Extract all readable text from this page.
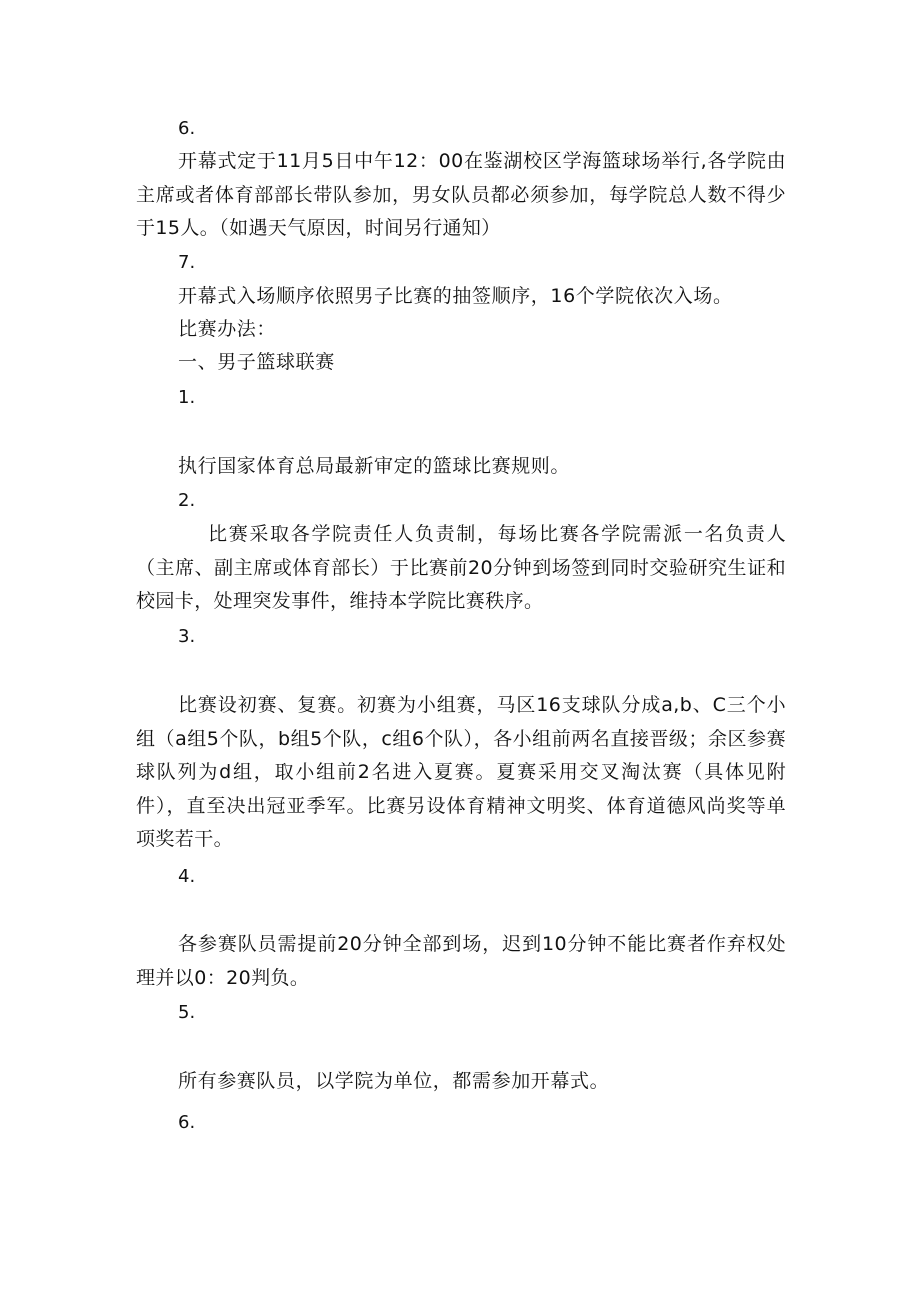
6.
开幕式定于11月5日中午12：00在鉴湖校区学海篮球场举行,各学院由主席或者体育部部长带队参加，男女队员都必须参加，每学院总人数不得少于15人。（如遇天气原因，时间另行通知）
7.
开幕式入场顺序依照男子比赛的抽签顺序，16个学院依次入场。
比赛办法：
一、男子篮球联赛
1.
执行国家体育总局最新审定的篮球比赛规则。
2.
比赛采取各学院责任人负责制，每场比赛各学院需派一名负责人（主席、副主席或体育部长）于比赛前20分钟到场签到同时交验研究生证和校园卡，处理突发事件，维持本学院比赛秩序。
3.
比赛设初赛、复赛。初赛为小组赛，马区16支球队分成a,b、C三个小组（a组5个队，b组5个队，c组6个队），各小组前两名直接晋级；余区参赛球队列为d组，取小组前2名进入夏赛。夏赛采用交叉淘汰赛（具体见附件），直至决出冠亚季军。比赛另设体育精神文明奖、体育道德风尚奖等单项奖若干。
4.
各参赛队员需提前20分钟全部到场，迟到10分钟不能比赛者作弃权处理并以0：20判负。
5.
所有参赛队员，以学院为单位，都需参加开幕式。
6.
